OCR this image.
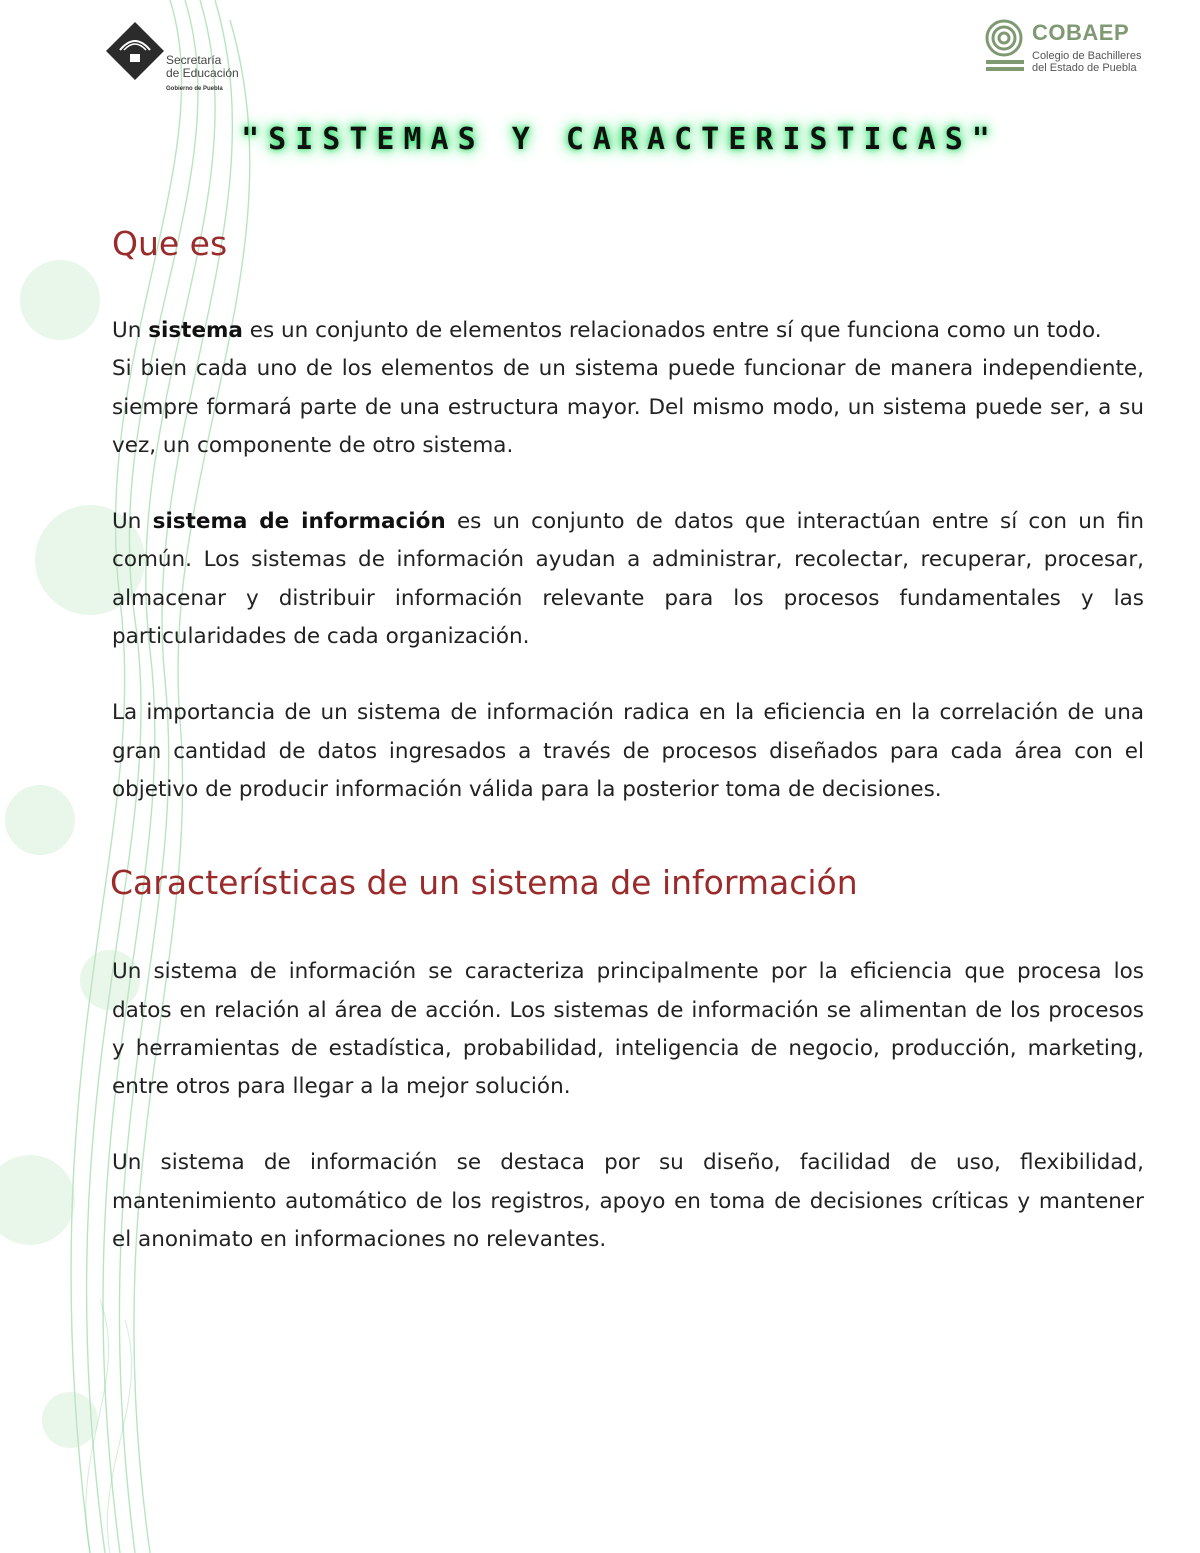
Secretaría
de Educación
Gobierno de Puebla
COBAEP
Colegio de Bachilleres
del Estado de Puebla
"SISTEMAS Y CARACTERISTICAS"
Que es

Un sistema es un conjunto de elementos relacionados entre sí que funciona como un todo.

Si bien cada uno de los elementos de un sistema puede funcionar de manera independiente, siempre formará parte de una estructura mayor. Del mismo modo, un sistema puede ser, a su vez, un componente de otro sistema.

Un sistema de información es un conjunto de datos que interactúan entre sí con un fin común. Los sistemas de información ayudan a administrar, recolectar, recuperar, procesar, almacenar y distribuir información relevante para los procesos fundamentales y las particularidades de cada organización.

La importancia de un sistema de información radica en la eficiencia en la correlación de una gran cantidad de datos ingresados a través de procesos diseñados para cada área con el objetivo de producir información válida para la posterior toma de decisiones.

Características de un sistema de información

Un sistema de información se caracteriza principalmente por la eficiencia que procesa los datos en relación al área de acción. Los sistemas de información se alimentan de los procesos y herramientas de estadística, probabilidad, inteligencia de negocio, producción, marketing, entre otros para llegar a la mejor solución.

Un sistema de información se destaca por su diseño, facilidad de uso, flexibilidad, mantenimiento automático de los registros, apoyo en toma de decisiones críticas y mantener el anonimato en informaciones no relevantes.
